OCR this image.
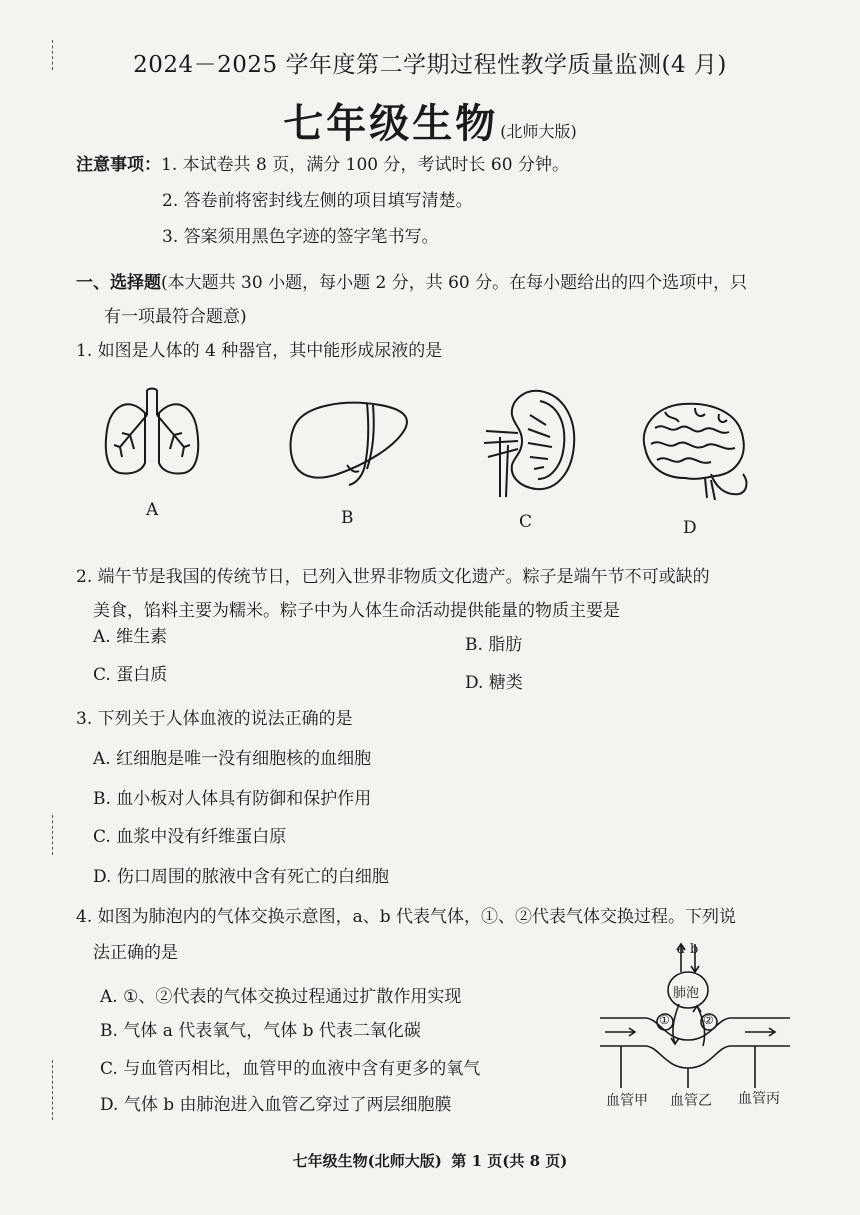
2024－2025 学年度第二学期过程性教学质量监测(4 月)
七年级生物 (北师大版)
注意事项：1. 本试卷共 8 页，满分 100 分，考试时长 60 分钟。
2. 答卷前将密封线左侧的项目填写清楚。
3. 答案须用黑色字迹的签字笔书写。
一、选择题(本大题共 30 小题，每小题 2 分，共 60 分。在每小题给出的四个选项中，只
有一项最符合题意)
1. 如图是人体的 4 种器官，其中能形成尿液的是
A	B	C	D
2. 端午节是我国的传统节日，已列入世界非物质文化遗产。粽子是端午节不可或缺的
美食，馅料主要为糯米。粽子中为人体生命活动提供能量的物质主要是
A. 维生素	B. 脂肪
C. 蛋白质	D. 糖类
3. 下列关于人体血液的说法正确的是
A. 红细胞是唯一没有细胞核的血细胞
B. 血小板对人体具有防御和保护作用
C. 血浆中没有纤维蛋白原
D. 伤口周围的脓液中含有死亡的白细胞
4. 如图为肺泡内的气体交换示意图，a、b 代表气体，①、②代表气体交换过程。下列说
法正确的是
A. ①、②代表的气体交换过程通过扩散作用实现
B. 气体 a 代表氧气，气体 b 代表二氧化碳
C. 与血管丙相比，血管甲的血液中含有更多的氧气
D. 气体 b 由肺泡进入血管乙穿过了两层细胞膜
a b
肺泡
①	②
血管甲 血管乙 血管丙
七年级生物(北师大版) 第 1 页(共 8 页)
